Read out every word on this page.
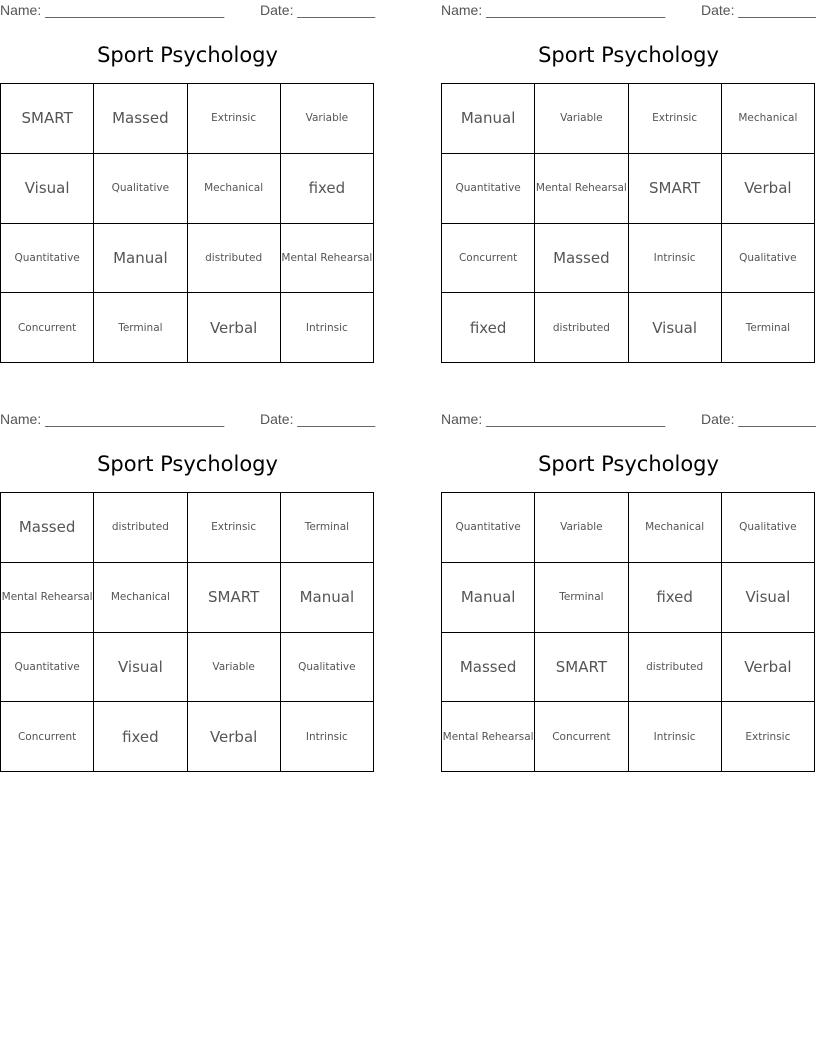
Name: _______________________	Date: __________
Sport Psychology
SMART	Massed	Extrinsic	Variable
Visual	Qualitative	Mechanical	fixed
Quantitative	Manual	distributed	Mental Rehearsal
Concurrent	Terminal	Verbal	Intrinsic
Name: _______________________	Date: __________
Sport Psychology
Manual	Variable	Extrinsic	Mechanical
Quantitative	Mental Rehearsal	SMART	Verbal
Concurrent	Massed	Intrinsic	Qualitative
fixed	distributed	Visual	Terminal
Name: _______________________	Date: __________
Sport Psychology
Massed	distributed	Extrinsic	Terminal
Mental Rehearsal	Mechanical	SMART	Manual
Quantitative	Visual	Variable	Qualitative
Concurrent	fixed	Verbal	Intrinsic
Name: _______________________	Date: __________
Sport Psychology
Quantitative	Variable	Mechanical	Qualitative
Manual	Terminal	fixed	Visual
Massed	SMART	distributed	Verbal
Mental Rehearsal	Concurrent	Intrinsic	Extrinsic
